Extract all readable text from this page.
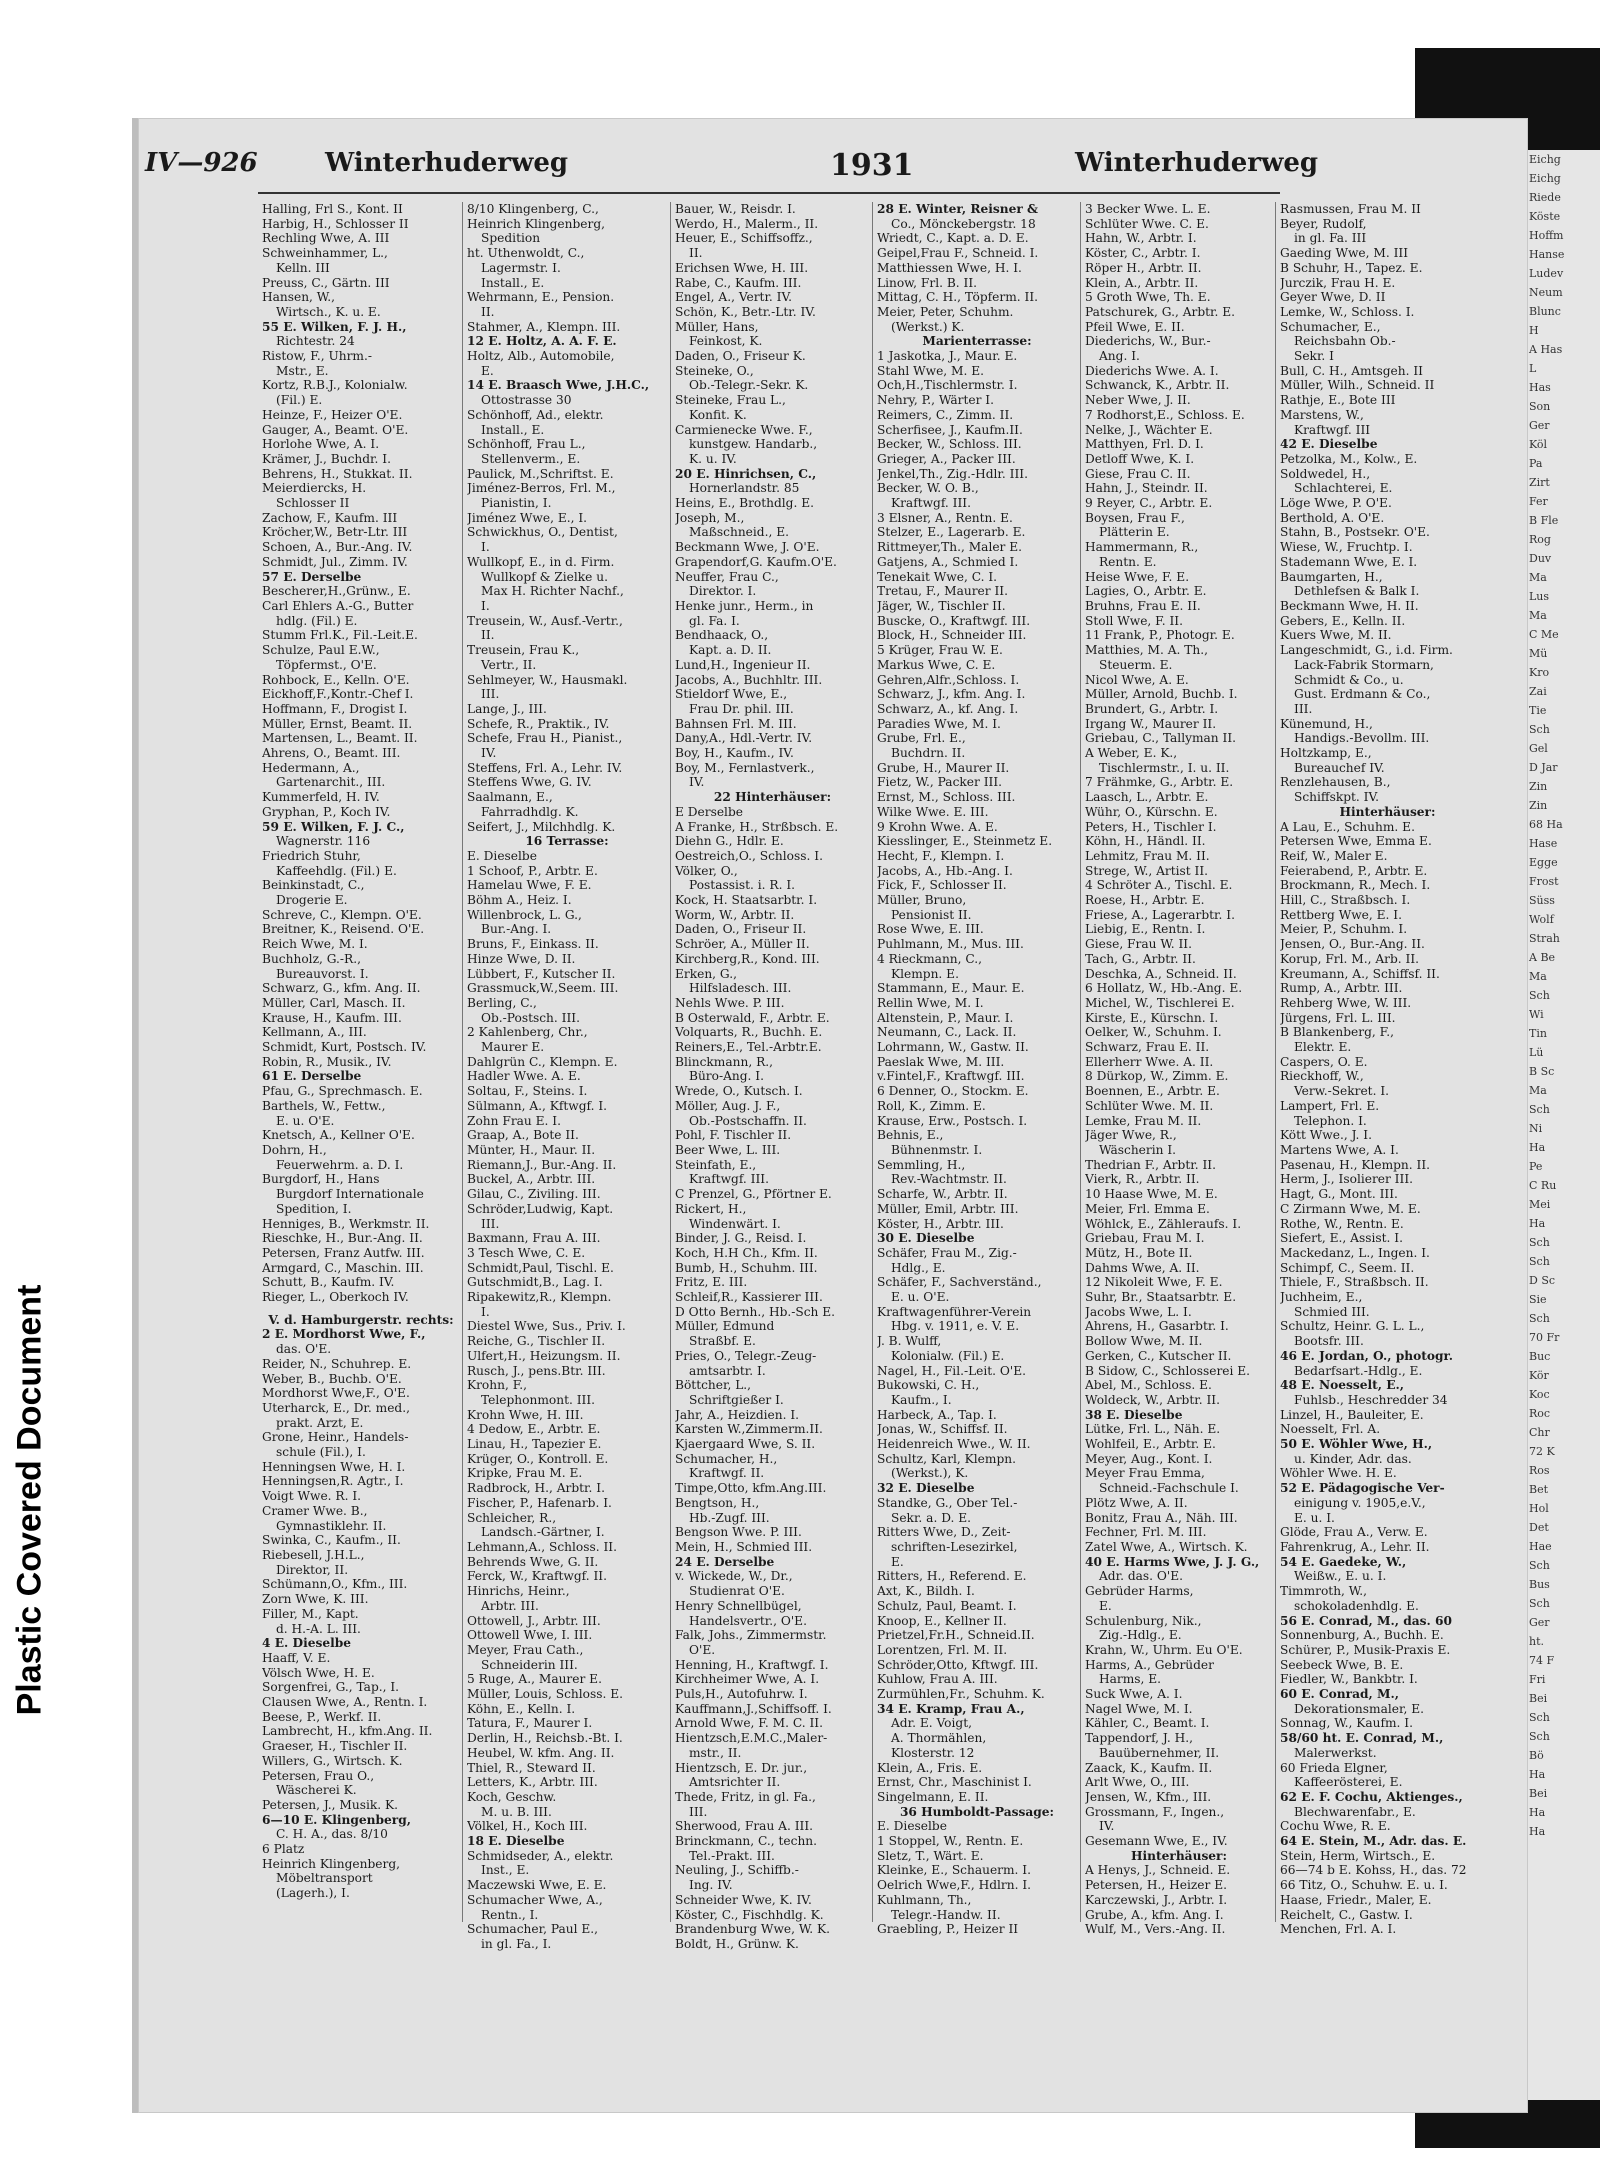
Eichg
Eichg
Riede
Köste
Hoffm
Hanse
Ludev
Neum
Blunc
H
A Has
L
Has
Son
Ger
Köl
Pa
Zirt
Fer
B Fle
Rog
Duv
Ma
Lus
Ma
C Me
Mü
Kro
Zai
Tie
Sch
Gel
D Jar
Zin
Zin
68 Ha
Hase
Egge
Frost
Süss
Wolf
Strah
A Be
Ma
Sch
Wi
Tin
Lü
B Sc
Ma
Sch
Ni
Ha
Pe
C Ru
Mei
Ha
Sch
Sch
D Sc
Sie
Sch
70 Fr
Buc
Kör
Koc
Roc
Chr
72 K
Ros
Bet
Hol
Det
Hae
Sch
Bus
Sch
Ger
ht.
74 F
Fri
Bei
Sch
Sch
Bö
Ha
Bei
Ha
Ha
Plastic Covered Document
IV—926	Winterhuderweg	1931	Winterhuderweg
Halling, Frl S., Kont. II
Harbig, H., Schlosser II
Rechling Wwe, A. III
Schweinhammer, L.,
Kelln. III
Preuss, C., Gärtn. III
Hansen, W.,
Wirtsch., K. u. E.
55 E. Wilken, F. J. H.,
Richtestr. 24
Ristow, F., Uhrm.-
Mstr., E.
Kortz, R.B.J., Kolonialw.
(Fil.) E.
Heinze, F., Heizer O'E.
Gauger, A., Beamt. O'E.
Horlohe Wwe, A. I.
Krämer, J., Buchdr. I.
Behrens, H., Stukkat. II.
Meierdiercks, H.
Schlosser II
Zachow, F., Kaufm. III
Kröcher,W., Betr-Ltr. III
Schoen, A., Bur.-Ang. IV.
Schmidt, Jul., Zimm. IV.
57 E. Derselbe
Bescherer,H.,Grünw., E.
Carl Ehlers A.-G., Butter
hdlg. (Fil.) E.
Stumm Frl.K., Fil.-Leit.E.
Schulze, Paul E.W.,
Töpfermst., O'E.
Rohbock, E., Kelln. O'E.
Eickhoff,F.,Kontr.-Chef I.
Hoffmann, F., Drogist I.
Müller, Ernst, Beamt. II.
Martensen, L., Beamt. II.
Ahrens, O., Beamt. III.
Hedermann, A.,
Gartenarchit., III.
Kummerfeld, H. IV.
Gryphan, P., Koch IV.
59 E. Wilken, F. J. C.,
Wagnerstr. 116
Friedrich Stuhr,
Kaffeehdlg. (Fil.) E.
Beinkinstadt, C.,
Drogerie E.
Schreve, C., Klempn. O'E.
Breitner, K., Reisend. O'E.
Reich Wwe, M. I.
Buchholz, G.-R.,
Bureauvorst. I.
Schwarz, G., kfm. Ang. II.
Müller, Carl, Masch. II.
Krause, H., Kaufm. III.
Kellmann, A., III.
Schmidt, Kurt, Postsch. IV.
Robin, R., Musik., IV.
61 E. Derselbe
Pfau, G., Sprechmasch. E.
Barthels, W., Fettw.,
E. u. O'E.
Knetsch, A., Kellner O'E.
Dohrn, H.,
Feuerwehrm. a. D. I.
Burgdorf, H., Hans
Burgdorf Internationale
Spedition, I.
Henniges, B., Werkmstr. II.
Rieschke, H., Bur.-Ang. II.
Petersen, Franz Autfw. III.
Armgard, C., Maschin. III.
Schutt, B., Kaufm. IV.
Rieger, L., Oberkoch IV.
V. d. Hamburgerstr. rechts:
2 E. Mordhorst Wwe, F.,
das. O'E.
Reider, N., Schuhrep. E.
Weber, B., Buchb. O'E.
Mordhorst Wwe,F., O'E.
Uterharck, E., Dr. med.,
prakt. Arzt, E.
Grone, Heinr., Handels-
schule (Fil.), I.
Henningsen Wwe, H. I.
Henningsen,R. Agtr., I.
Voigt Wwe. R. I.
Cramer Wwe. B.,
Gymnastiklehr. II.
Swinka, C., Kaufm., II.
Riebesell, J.H.L.,
Direktor, II.
Schümann,O., Kfm., III.
Zorn Wwe, K. III.
Filler, M., Kapt.
d. H.-A. L. III.
4 E. Dieselbe
Haaff, V. E.
Völsch Wwe, H. E.
Sorgenfrei, G., Tap., I.
Clausen Wwe, A., Rentn. I.
Beese, P., Werkf. II.
Lambrecht, H., kfm.Ang. II.
Graeser, H., Tischler II.
Willers, G., Wirtsch. K.
Petersen, Frau O.,
Wäscherei K.
Petersen, J., Musik. K.
6—10 E. Klingenberg,
C. H. A., das. 8/10
6 Platz
Heinrich Klingenberg,
Möbeltransport
(Lagerh.), I.
8/10 Klingenberg, C.,
Heinrich Klingenberg,
Spedition
ht. Uthenwoldt, C.,
Lagermstr. I.
Install., E.
Wehrmann, E., Pension.
II.
Stahmer, A., Klempn. III.
12 E. Holtz, A. A. F. E.
Holtz, Alb., Automobile,
E.
14 E. Braasch Wwe, J.H.C.,
Ottostrasse 30
Schönhoff, Ad., elektr.
Install., E.
Schönhoff, Frau L.,
Stellenverm., E.
Paulick, M.,Schriftst. E.
Jiménez-Berros, Frl. M.,
Pianistin, I.
Jiménez Wwe, E., I.
Schwickhus, O., Dentist,
I.
Wullkopf, E., in d. Firm.
Wullkopf & Zielke u.
Max H. Richter Nachf.,
I.
Treusein, W., Ausf.-Vertr.,
II.
Treusein, Frau K.,
Vertr., II.
Sehlmeyer, W., Hausmakl.
III.
Lange, J., III.
Schefe, R., Praktik., IV.
Schefe, Frau H., Pianist.,
IV.
Steffens, Frl. A., Lehr. IV.
Steffens Wwe, G. IV.
Saalmann, E.,
Fahrradhdlg. K.
Seifert, J., Milchhdlg. K.
16 Terrasse:
E. Dieselbe
1 Schoof, P., Arbtr. E.
Hamelau Wwe, F. E.
Böhm A., Heiz. I.
Willenbrock, L. G.,
Bur.-Ang. I.
Bruns, F., Einkass. II.
Hinze Wwe, D. II.
Lübbert, F., Kutscher II.
Grassmuck,W.,Seem. III.
Berling, C.,
Ob.-Postsch. III.
2 Kahlenberg, Chr.,
Maurer E.
Dahlgrün C., Klempn. E.
Hadler Wwe. A. E.
Soltau, F., Steins. I.
Sülmann, A., Kftwgf. I.
Zohn Frau E. I.
Graap, A., Bote II.
Münter, H., Maur. II.
Riemann,J., Bur.-Ang. II.
Buckel, A., Arbtr. III.
Gilau, C., Ziviling. III.
Schröder,Ludwig, Kapt.
III.
Baxmann, Frau A. III.
3 Tesch Wwe, C. E.
Schmidt,Paul, Tischl. E.
Gutschmidt,B., Lag. I.
Ripakewitz,R., Klempn.
I.
Diestel Wwe, Sus., Priv. I.
Reiche, G., Tischler II.
Ulfert,H., Heizungsm. II.
Rusch, J., pens.Btr. III.
Krohn, F.,
Telephonmont. III.
Krohn Wwe, H. III.
4 Dedow, E., Arbtr. E.
Linau, H., Tapezier E.
Krüger, O., Kontroll. E.
Kripke, Frau M. E.
Radbrock, H., Arbtr. I.
Fischer, P., Hafenarb. I.
Schleicher, R.,
Landsch.-Gärtner, I.
Lehmann,A., Schloss. II.
Behrends Wwe, G. II.
Ferck, W., Kraftwgf. II.
Hinrichs, Heinr.,
Arbtr. III.
Ottowell, J., Arbtr. III.
Ottowell Wwe, I. III.
Meyer, Frau Cath.,
Schneiderin III.
5 Ruge, A., Maurer E.
Müller, Louis, Schloss. E.
Köhn, E., Kelln. I.
Tatura, F., Maurer I.
Derlin, H., Reichsb.-Bt. I.
Heubel, W. kfm. Ang. II.
Thiel, R., Steward II.
Letters, K., Arbtr. III.
Koch, Geschw.
M. u. B. III.
Völkel, H., Koch III.
18 E. Dieselbe
Schmidseder, A., elektr.
Inst., E.
Maczewski Wwe, E. E.
Schumacher Wwe, A.,
Rentn., I.
Schumacher, Paul E.,
in gl. Fa., I.
Bauer, W., Reisdr. I.
Werdo, H., Malerm., II.
Heuer, E., Schiffsoffz.,
II.
Erichsen Wwe, H. III.
Rabe, C., Kaufm. III.
Engel, A., Vertr. IV.
Schön, K., Betr.-Ltr. IV.
Müller, Hans,
Feinkost, K.
Daden, O., Friseur K.
Steineke, O.,
Ob.-Telegr.-Sekr. K.
Steineke, Frau L.,
Konfit. K.
Carmienecke Wwe. F.,
kunstgew. Handarb.,
K. u. IV.
20 E. Hinrichsen, C.,
Hornerlandstr. 85
Heins, E., Brothdlg. E.
Joseph, M.,
Maßschneid., E.
Beckmann Wwe, J. O'E.
Grapendorf,G. Kaufm.O'E.
Neuffer, Frau C.,
Direktor. I.
Henke junr., Herm., in
gl. Fa. I.
Bendhaack, O.,
Kapt. a. D. II.
Lund,H., Ingenieur II.
Jacobs, A., Buchhltr. III.
Stieldorf Wwe, E.,
Frau Dr. phil. III.
Bahnsen Frl. M. III.
Dany,A., Hdl.-Vertr. IV.
Boy, H., Kaufm., IV.
Boy, M., Fernlastverk.,
IV.
22 Hinterhäuser:
E Derselbe
A Franke, H., Strßbsch. E.
Diehn G., Hdlr. E.
Oestreich,O., Schloss. I.
Völker, O.,
Postassist. i. R. I.
Kock, H. Staatsarbtr. I.
Worm, W., Arbtr. II.
Daden, O., Friseur II.
Schröer, A., Müller II.
Kirchberg,R., Kond. III.
Erken, G.,
Hilfsladesch. III.
Nehls Wwe. P. III.
B Osterwald, F., Arbtr. E.
Volquarts, R., Buchh. E.
Reiners,E., Tel.-Arbtr.E.
Blinckmann, R.,
Büro-Ang. I.
Wrede, O., Kutsch. I.
Möller, Aug. J. F.,
Ob.-Postschaffn. II.
Pohl, F. Tischler II.
Beer Wwe, L. III.
Steinfath, E.,
Kraftwgf. III.
C Prenzel, G., Pförtner E.
Rickert, H.,
Windenwärt. I.
Binder, J. G., Reisd. I.
Koch, H.H Ch., Kfm. II.
Bumb, H., Schuhm. III.
Fritz, E. III.
Schleif,R., Kassierer III.
D Otto Bernh., Hb.-Sch E.
Müller, Edmund
Straßbf. E.
Pries, O., Telegr.-Zeug-
amtsarbtr. I.
Böttcher, L.,
Schriftgießer I.
Jahr, A., Heizdien. I.
Karsten W.,Zimmerm.II.
Kjaergaard Wwe, S. II.
Schumacher, H.,
Kraftwgf. II.
Timpe,Otto, kfm.Ang.III.
Bengtson, H.,
Hb.-Zugf. III.
Bengson Wwe. P. III.
Mein, H., Schmied III.
24 E. Derselbe
v. Wickede, W., Dr.,
Studienrat O'E.
Henry Schnellbügel,
Handelsvertr., O'E.
Falk, Johs., Zimmermstr.
O'E.
Henning, H., Kraftwgf. I.
Kirchheimer Wwe, A. I.
Puls,H., Autofuhrw. I.
Kauffmann,J.,Schiffsoff. I.
Arnold Wwe, F. M. C. II.
Hientzsch,E.M.C.,Maler-
mstr., II.
Hientzsch, E. Dr. jur.,
Amtsrichter II.
Thede, Fritz, in gl. Fa.,
III.
Sherwood, Frau A. III.
Brinckmann, C., techn.
Tel.-Prakt. III.
Neuling, J., Schiffb.-
Ing. IV.
Schneider Wwe, K. IV.
Köster, C., Fischhdlg. K.
Brandenburg Wwe, W. K.
Boldt, H., Grünw. K.
28 E. Winter, Reisner &
Co., Mönckebergstr. 18
Wriedt, C., Kapt. a. D. E.
Geipel,Frau F., Schneid. I.
Matthiessen Wwe, H. I.
Linow, Frl. B. II.
Mittag, C. H., Töpferm. II.
Meier, Peter, Schuhm.
(Werkst.) K.
Marienterrasse:
1 Jaskotka, J., Maur. E.
Stahl Wwe, M. E.
Och,H.,Tischlermstr. I.
Nehry, P., Wärter I.
Reimers, C., Zimm. II.
Scherfisee, J., Kaufm.II.
Becker, W., Schloss. III.
Grieger, A., Packer III.
Jenkel,Th., Zig.-Hdlr. III.
Becker, W. O. B.,
Kraftwgf. III.
3 Elsner, A., Rentn. E.
Stelzer, E., Lagerarb. E.
Rittmeyer,Th., Maler E.
Gatjens, A., Schmied I.
Tenekait Wwe, C. I.
Tretau, F., Maurer II.
Jäger, W., Tischler II.
Buscke, O., Kraftwgf. III.
Block, H., Schneider III.
5 Krüger, Frau W. E.
Markus Wwe, C. E.
Gehren,Alfr.,Schloss. I.
Schwarz, J., kfm. Ang. I.
Schwarz, A., kf. Ang. I.
Paradies Wwe, M. I.
Grube, Frl. E.,
Buchdrn. II.
Grube, H., Maurer II.
Fietz, W., Packer III.
Ernst, M., Schloss. III.
Wilke Wwe. E. III.
9 Krohn Wwe. A. E.
Kiesslinger, E., Steinmetz E.
Hecht, F., Klempn. I.
Jacobs, A., Hb.-Ang. I.
Fick, F., Schlosser II.
Müller, Bruno,
Pensionist II.
Rose Wwe, E. III.
Puhlmann, M., Mus. III.
4 Rieckmann, C.,
Klempn. E.
Stammann, E., Maur. E.
Rellin Wwe, M. I.
Altenstein, P., Maur. I.
Neumann, C., Lack. II.
Lohrmann, W., Gastw. II.
Paeslak Wwe, M. III.
v.Fintel,F., Kraftwgf. III.
6 Denner, O., Stockm. E.
Roll, K., Zimm. E.
Krause, Erw., Postsch. I.
Behnis, E.,
Bühnenmstr. I.
Semmling, H.,
Rev.-Wachtmstr. II.
Scharfe, W., Arbtr. II.
Müller, Emil, Arbtr. III.
Köster, H., Arbtr. III.
30 E. Dieselbe
Schäfer, Frau M., Zig.-
Hdlg., E.
Schäfer, F., Sachverständ.,
E. u. O'E.
Kraftwagenführer-Verein
Hbg. v. 1911, e. V. E.
J. B. Wulff,
Kolonialw. (Fil.) E.
Nagel, H., Fil.-Leit. O'E.
Bukowski, C. H.,
Kaufm., I.
Harbeck, A., Tap. I.
Jonas, W., Schiffsf. II.
Heidenreich Wwe., W. II.
Schultz, Karl, Klempn.
(Werkst.), K.
32 E. Dieselbe
Standke, G., Ober Tel.-
Sekr. a. D. E.
Ritters Wwe, D., Zeit-
schriften-Lesezirkel,
E.
Ritters, H., Referend. E.
Axt, K., Bildh. I.
Schulz, Paul, Beamt. I.
Knoop, E., Kellner II.
Prietzel,Fr.H., Schneid.II.
Lorentzen, Frl. M. II.
Schröder,Otto, Kftwgf. III.
Kuhlow, Frau A. III.
Zurmühlen,Fr., Schuhm. K.
34 E. Kramp, Frau A.,
Adr. E. Voigt,
A. Thormählen,
Klosterstr. 12
Klein, A., Fris. E.
Ernst, Chr., Maschinist I.
Singelmann, E. II.
36 Humboldt-Passage:
E. Dieselbe
1 Stoppel, W., Rentn. E.
Sletz, T., Wärt. E.
Kleinke, E., Schauerm. I.
Oelrich Wwe,F., Hdlrn. I.
Kuhlmann, Th.,
Telegr.-Handw. II.
Graebling, P., Heizer II
3 Becker Wwe. L. E.
Schlüter Wwe. C. E.
Hahn, W., Arbtr. I.
Köster, C., Arbtr. I.
Röper H., Arbtr. II.
Klein, A., Arbtr. II.
5 Groth Wwe, Th. E.
Patschurek, G., Arbtr. E.
Pfeil Wwe, E. II.
Diederichs, W., Bur.-
Ang. I.
Diederichs Wwe. A. I.
Schwanck, K., Arbtr. II.
Neber Wwe, J. II.
7 Rodhorst,E., Schloss. E.
Nelke, J., Wächter E.
Matthyen, Frl. D. I.
Detloff Wwe, K. I.
Giese, Frau C. II.
Hahn, J., Steindr. II.
9 Reyer, C., Arbtr. E.
Boysen, Frau F.,
Plätterin E.
Hammermann, R.,
Rentn. E.
Heise Wwe, F. E.
Lagies, O., Arbtr. E.
Bruhns, Frau E. II.
Stoll Wwe, F. II.
11 Frank, P., Photogr. E.
Matthies, M. A. Th.,
Steuerm. E.
Nicol Wwe, A. E.
Müller, Arnold, Buchb. I.
Brundert, G., Arbtr. I.
Irgang W., Maurer II.
Griebau, C., Tallyman II.
A Weber, E. K.,
Tischlermstr., I. u. II.
7 Frähmke, G., Arbtr. E.
Laasch, L., Arbtr. E.
Wühr, O., Kürschn. E.
Peters, H., Tischler I.
Köhn, H., Händl. II.
Lehmitz, Frau M. II.
Strege, W., Artist II.
4 Schröter A., Tischl. E.
Roese, H., Arbtr. E.
Friese, A., Lagerarbtr. I.
Liebig, E., Rentn. I.
Giese, Frau W. II.
Tach, G., Arbtr. II.
Deschka, A., Schneid. II.
6 Hollatz, W., Hb.-Ang. E.
Michel, W., Tischlerei E.
Kirste, E., Kürschn. I.
Oelker, W., Schuhm. I.
Schwarz, Frau E. II.
Ellerherr Wwe. A. II.
8 Dürkop, W., Zimm. E.
Boennen, E., Arbtr. E.
Schlüter Wwe. M. II.
Lemke, Frau M. II.
Jäger Wwe, R.,
Wäscherin I.
Thedrian F., Arbtr. II.
Vierk, R., Arbtr. II.
10 Haase Wwe, M. E.
Meier, Frl. Emma E.
Wöhlck, E., Zähleraufs. I.
Griebau, Frau M. I.
Mütz, H., Bote II.
Dahms Wwe, A. II.
12 Nikoleit Wwe, F. E.
Suhr, Br., Staatsarbtr. E.
Jacobs Wwe, L. I.
Ahrens, H., Gasarbtr. I.
Bollow Wwe, M. II.
Gerken, C., Kutscher II.
B Sidow, C., Schlosserei E.
Abel, M., Schloss. E.
Woldeck, W., Arbtr. II.
38 E. Dieselbe
Lütke, Frl. L., Näh. E.
Wohlfeil, E., Arbtr. E.
Meyer, Aug., Kont. I.
Meyer Frau Emma,
Schneid.-Fachschule I.
Plötz Wwe, A. II.
Bonitz, Frau A., Näh. III.
Fechner, Frl. M. III.
Zatel Wwe, A., Wirtsch. K.
40 E. Harms Wwe, J. J. G.,
Adr. das. O'E.
Gebrüder Harms,
E.
Schulenburg, Nik.,
Zig.-Hdlg., E.
Krahn, W., Uhrm. Eu O'E.
Harms, A., Gebrüder
Harms, E.
Suck Wwe, A. I.
Nagel Wwe, M. I.
Kähler, C., Beamt. I.
Tappendorf, J. H.,
Bauübernehmer, II.
Zaack, K., Kaufm. II.
Arlt Wwe, O., III.
Jensen, W., Kfm., III.
Grossmann, F., Ingen.,
IV.
Gesemann Wwe, E., IV.
Hinterhäuser:
A Henys, J., Schneid. E.
Petersen, H., Heizer E.
Karczewski, J., Arbtr. I.
Grube, A., kfm. Ang. I.
Wulf, M., Vers.-Ang. II.
Rasmussen, Frau M. II
Beyer, Rudolf,
in gl. Fa. III
Gaeding Wwe, M. III
B Schuhr, H., Tapez. E.
Jurczik, Frau H. E.
Geyer Wwe, D. II
Lemke, W., Schloss. I.
Schumacher, E.,
Reichsbahn Ob.-
Sekr. I
Bull, C. H., Amtsgeh. II
Müller, Wilh., Schneid. II
Rathje, E., Bote III
Marstens, W.,
Kraftwgf. III
42 E. Dieselbe
Petzolka, M., Kolw., E.
Soldwedel, H.,
Schlachterei, E.
Löge Wwe, P. O'E.
Berthold, A. O'E.
Stahn, B., Postsekr. O'E.
Wiese, W., Fruchtp. I.
Stademann Wwe, E. I.
Baumgarten, H.,
Dethlefsen & Balk I.
Beckmann Wwe, H. II.
Gebers, E., Kelln. II.
Kuers Wwe, M. II.
Langeschmidt, G., i.d. Firm.
Lack-Fabrik Stormarn,
Schmidt & Co., u.
Gust. Erdmann & Co.,
III.
Künemund, H.,
Handigs.-Bevollm. III.
Holtzkamp, E.,
Bureauchef IV.
Renzlehausen, B.,
Schiffskpt. IV.
Hinterhäuser:
A Lau, E., Schuhm. E.
Petersen Wwe, Emma E.
Reif, W., Maler E.
Feierabend, P., Arbtr. E.
Brockmann, R., Mech. I.
Hill, C., Straßbsch. I.
Rettberg Wwe, E. I.
Meier, P., Schuhm. I.
Jensen, O., Bur.-Ang. II.
Korup, Frl. M., Arb. II.
Kreumann, A., Schiffsf. II.
Rump, A., Arbtr. III.
Rehberg Wwe, W. III.
Jürgens, Frl. L. III.
B Blankenberg, F.,
Elektr. E.
Caspers, O. E.
Rieckhoff, W.,
Verw.-Sekret. I.
Lampert, Frl. E.
Telephon. I.
Kött Wwe., J. I.
Martens Wwe, A. I.
Pasenau, H., Klempn. II.
Herm, J., Isolierer III.
Hagt, G., Mont. III.
C Zirmann Wwe, M. E.
Rothe, W., Rentn. E.
Siefert, E., Assist. I.
Mackedanz, L., Ingen. I.
Schimpf, C., Seem. II.
Thiele, F., Straßbsch. II.
Juchheim, E.,
Schmied III.
Schultz, Heinr. G. L. L.,
Bootsfr. III.
46 E. Jordan, O., photogr.
Bedarfsart.-Hdlg., E.
48 E. Noesselt, E.,
Fuhlsb., Heschredder 34
Linzel, H., Bauleiter, E.
Noesselt, Frl. A.
50 E. Wöhler Wwe, H.,
u. Kinder, Adr. das.
Wöhler Wwe. H. E.
52 E. Pädagogische Ver-
einigung v. 1905,e.V.,
E. u. I.
Glöde, Frau A., Verw. E.
Fahrenkrug, A., Lehr. II.
54 E. Gaedeke, W.,
Weißw., E. u. I.
Timmroth, W.,
schokoladenhdlg. E.
56 E. Conrad, M., das. 60
Sonnenburg, A., Buchh. E.
Schürer, P., Musik-Praxis E.
Seebeck Wwe, B. E.
Fiedler, W., Bankbtr. I.
60 E. Conrad, M.,
Dekorationsmaler, E.
Sonnag, W., Kaufm. I.
58/60 ht. E. Conrad, M.,
Malerwerkst.
60 Frieda Elgner,
Kaffeerösterei, E.
62 E. F. Cochu, Aktienges.,
Blechwarenfabr., E.
Cochu Wwe, R. E.
64 E. Stein, M., Adr. das. E.
Stein, Herm, Wirtsch., E.
66—74 b E. Kohss, H., das. 72
66 Titz, O., Schuhw. E. u. I.
Haase, Friedr., Maler, E.
Reichelt, C., Gastw. I.
Menchen, Frl. A. I.
